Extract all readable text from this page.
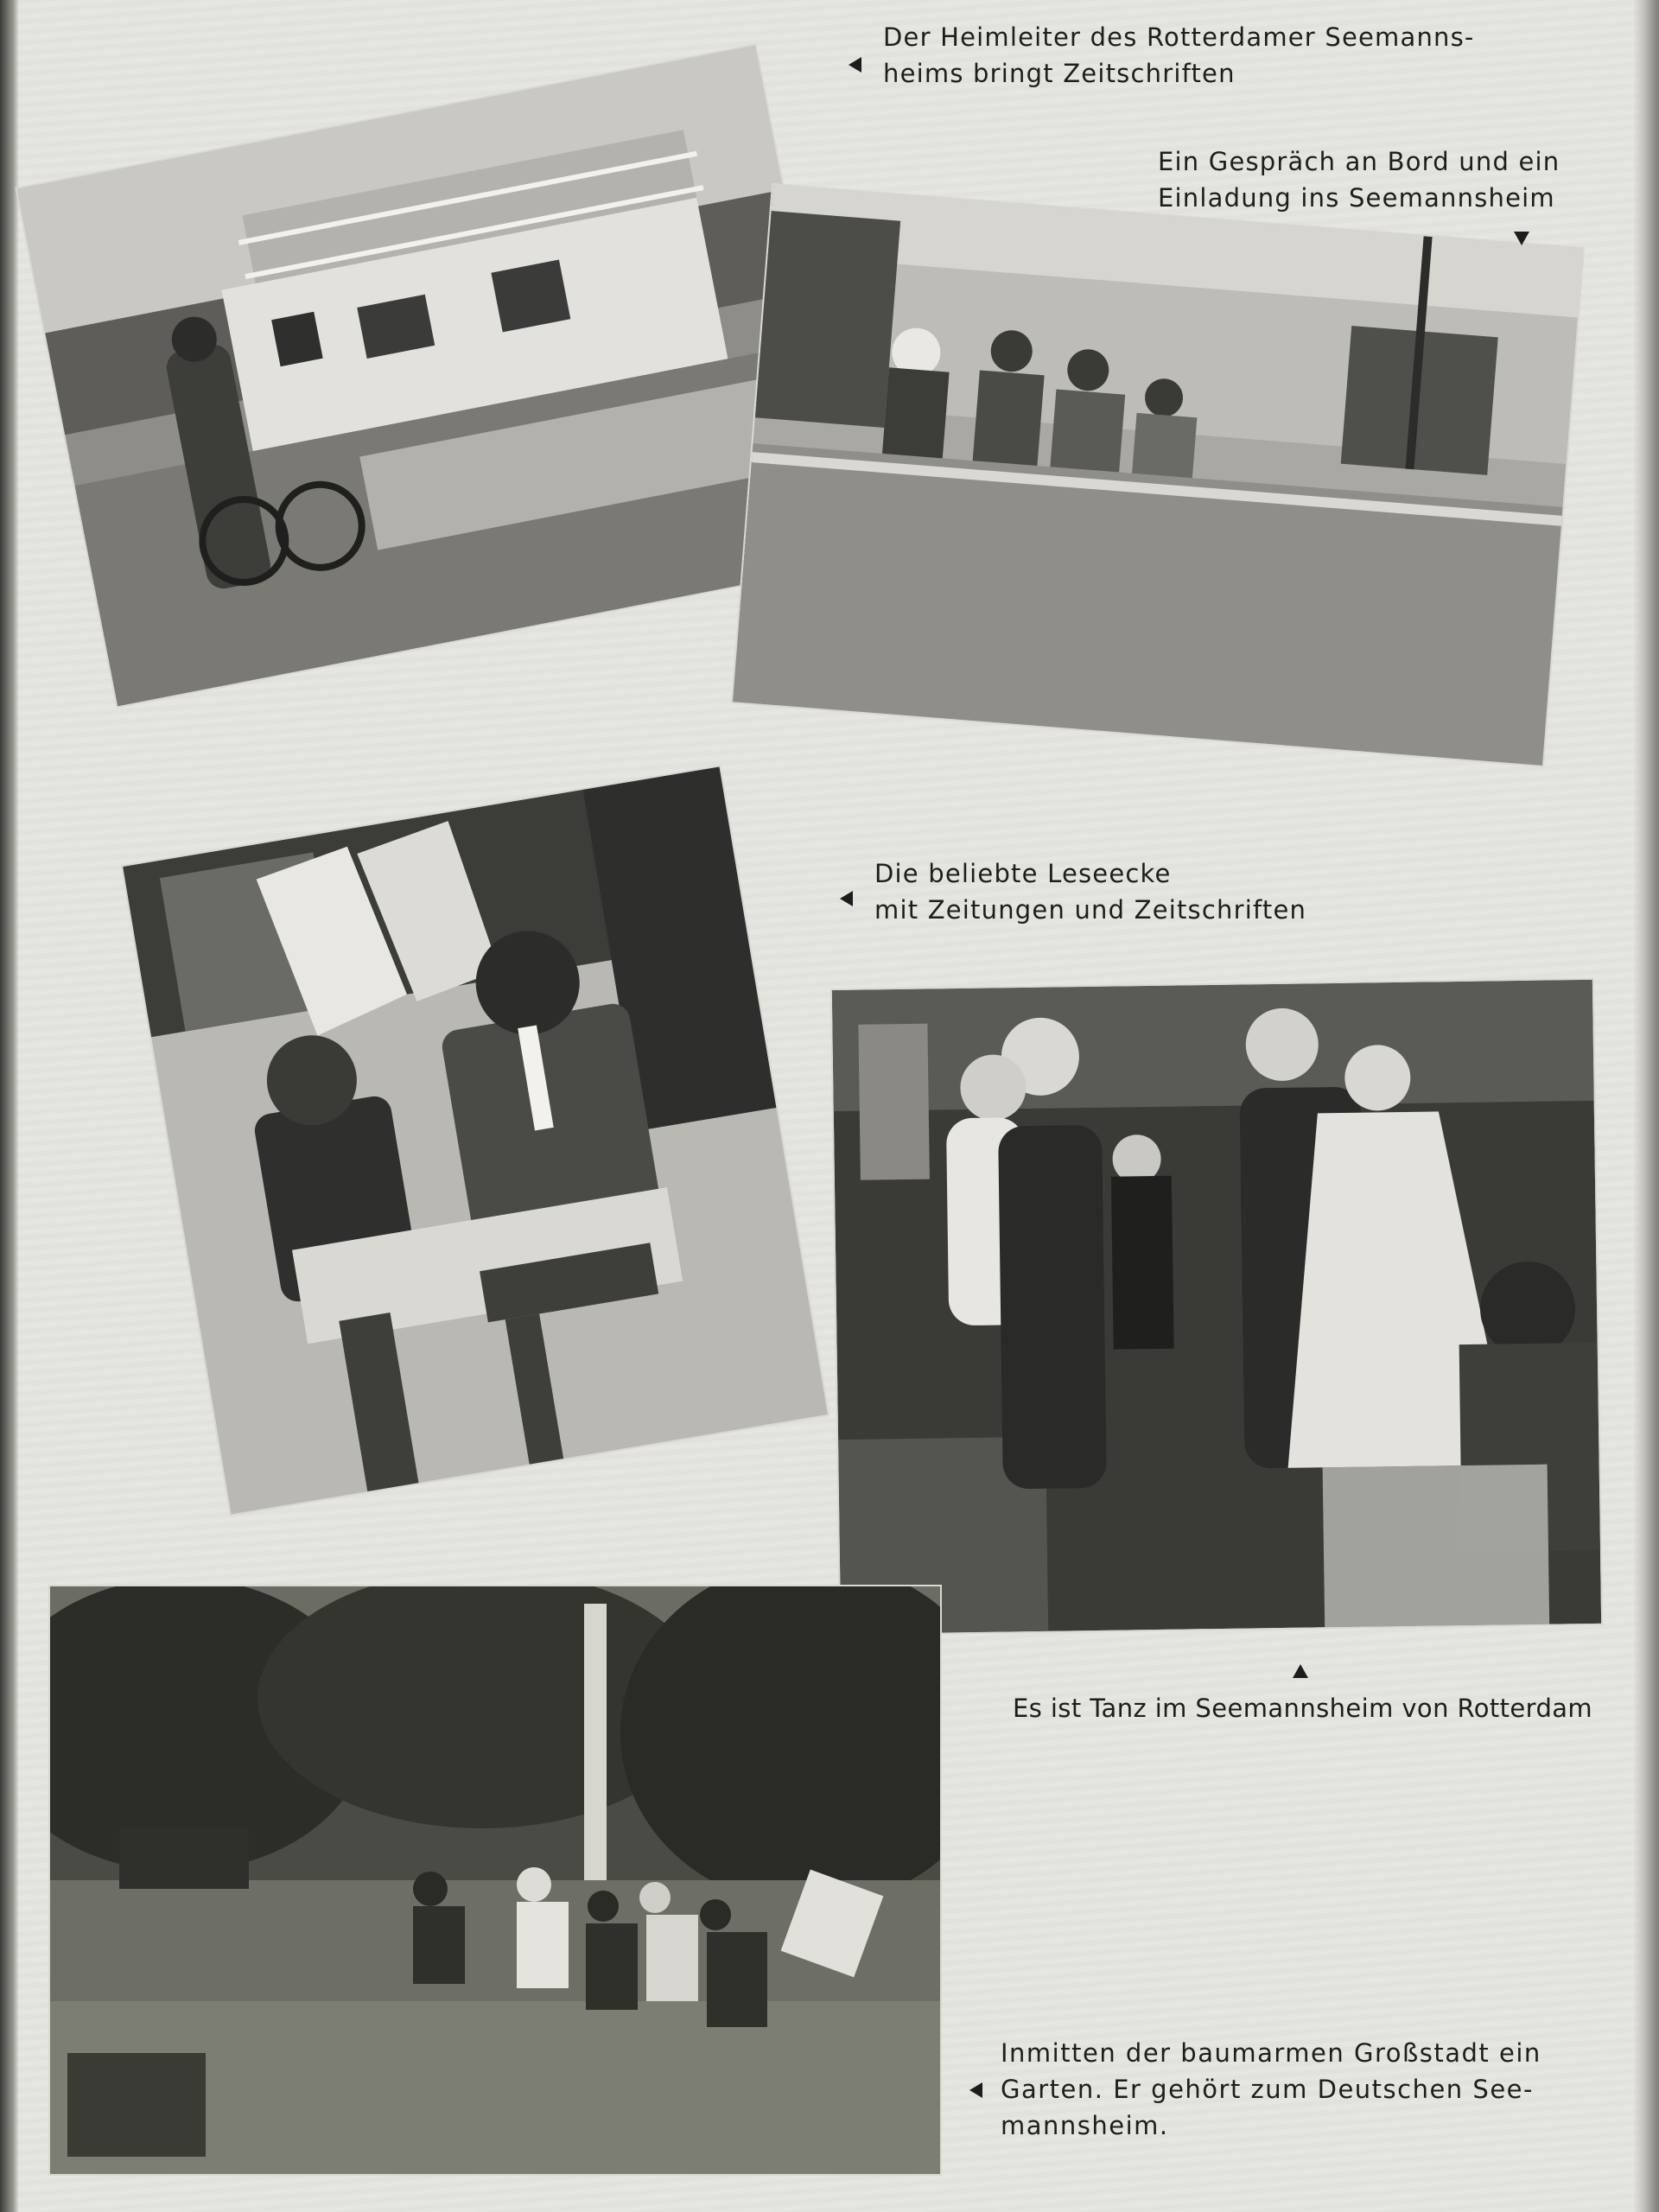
Der Heimleiter des Rotterdamer Seemanns-
heims bringt Zeitschriften
Ein Gespräch an Bord und ein
Einladung ins Seemannsheim
Die beliebte Leseecke
mit Zeitungen und Zeitschriften
Es ist Tanz im Seemannsheim von Rotterdam
Inmitten der baumarmen Großstadt ein
Garten. Er gehört zum Deutschen See-
mannsheim.
